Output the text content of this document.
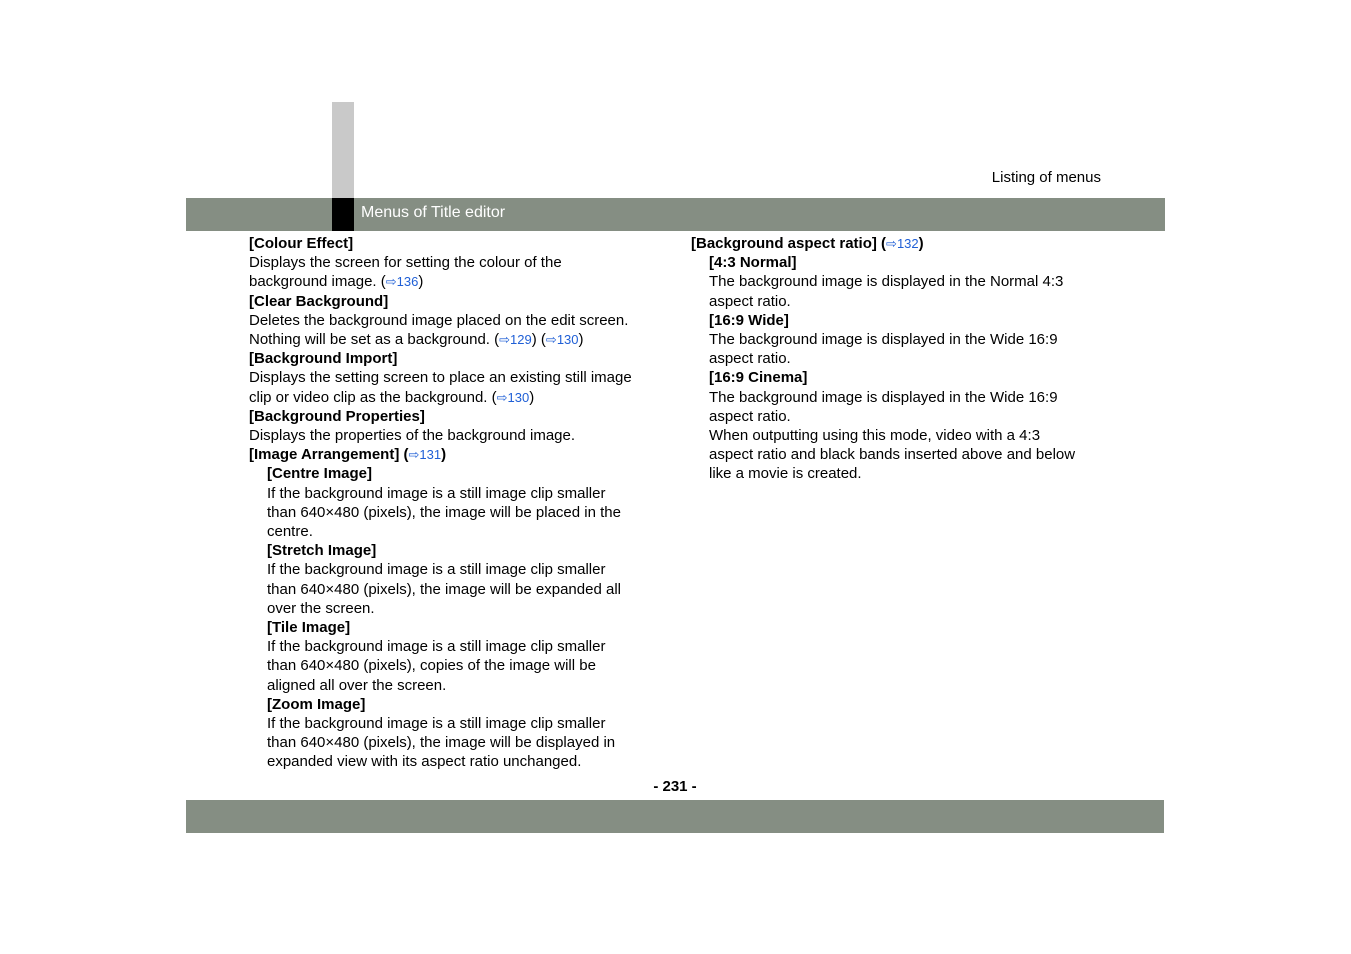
Listing of menus
Menus of Title editor
[Colour Effect]
Displays the screen for setting the colour of the
background image. (⇨136)
[Clear Background]
Deletes the background image placed on the edit screen.
Nothing will be set as a background. (⇨129) (⇨130)
[Background Import]
Displays the setting screen to place an existing still image
clip or video clip as the background. (⇨130)
[Background Properties]
Displays the properties of the background image.
[Image Arrangement] (⇨131)
[Centre Image]
If the background image is a still image clip smaller
than 640×480 (pixels), the image will be placed in the
centre.
[Stretch Image]
If the background image is a still image clip smaller
than 640×480 (pixels), the image will be expanded all
over the screen.
[Tile Image]
If the background image is a still image clip smaller
than 640×480 (pixels), copies of the image will be
aligned all over the screen.
[Zoom Image]
If the background image is a still image clip smaller
than 640×480 (pixels), the image will be displayed in
expanded view with its aspect ratio unchanged.
[Background aspect ratio] (⇨132)
[4:3 Normal]
The background image is displayed in the Normal 4:3
aspect ratio.
[16:9 Wide]
The background image is displayed in the Wide 16:9
aspect ratio.
[16:9 Cinema]
The background image is displayed in the Wide 16:9
aspect ratio.
When outputting using this mode, video with a 4:3
aspect ratio and black bands inserted above and below
like a movie is created.
- 231 -
